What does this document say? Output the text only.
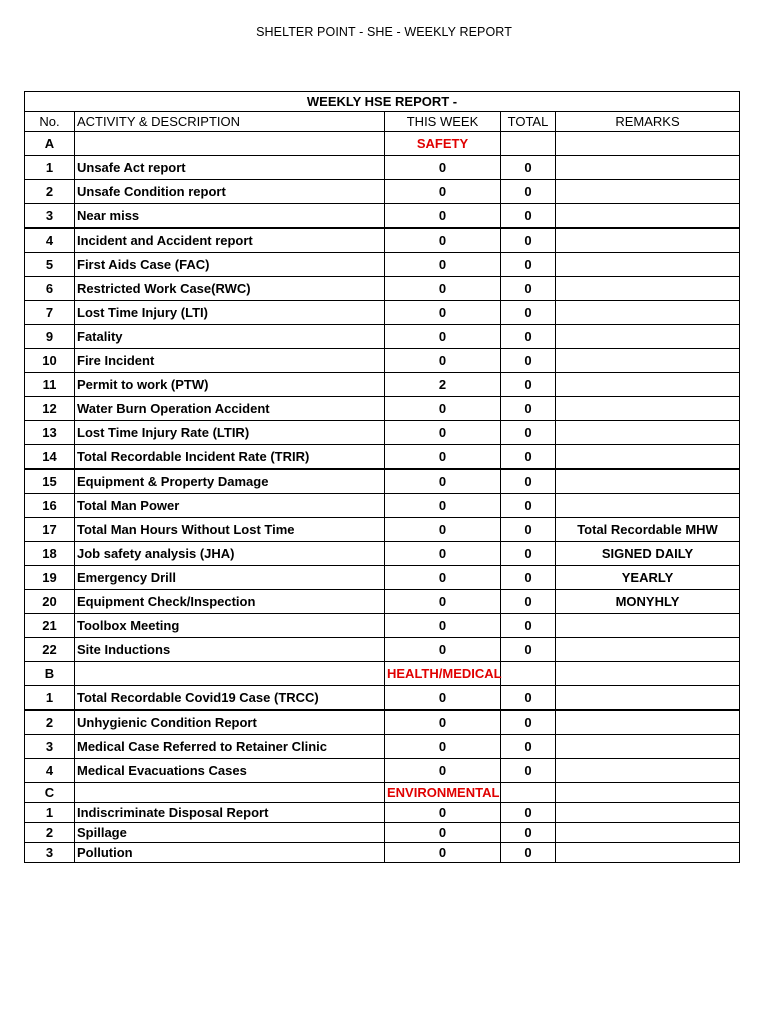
SHELTER POINT - SHE - WEEKLY REPORT
WEEKLY HSE REPORT -				
No.	ACTIVITY & DESCRIPTION	THIS WEEK	TOTAL	REMARKS
A		SAFETY		
1	Unsafe Act report	0	0	
2	Unsafe Condition report	0	0	
3	Near miss	0	0	
4	Incident and Accident report	0	0	
5	First Aids Case (FAC)	0	0	
6	Restricted Work Case(RWC)	0	0	
7	Lost Time Injury (LTI)	0	0	
9	Fatality	0	0	
10	Fire Incident	0	0	
11	Permit to work (PTW)	2	0	
12	Water Burn Operation Accident	0	0	
13	Lost Time Injury Rate (LTIR)	0	0	
14	Total Recordable Incident Rate (TRIR)	0	0	
15	Equipment & Property Damage	0	0	
16	Total Man Power	0	0	
17	Total Man Hours Without Lost Time	0	0	Total Recordable MHW
18	Job safety analysis (JHA)	0	0	SIGNED DAILY
19	Emergency Drill	0	0	YEARLY
20	Equipment Check/Inspection	0	0	MONYHLY
21	Toolbox Meeting	0	0	
22	Site Inductions	0	0	
B		HEALTH/MEDICAL		
1	Total Recordable Covid19 Case (TRCC)	0	0	
2	Unhygienic Condition Report	0	0	
3	Medical Case Referred to Retainer Clinic	0	0	
4	Medical Evacuations Cases	0	0	
C		ENVIRONMENTAL		
1	Indiscriminate Disposal Report	0	0	
2	Spillage	0	0	
3	Pollution	0	0	
